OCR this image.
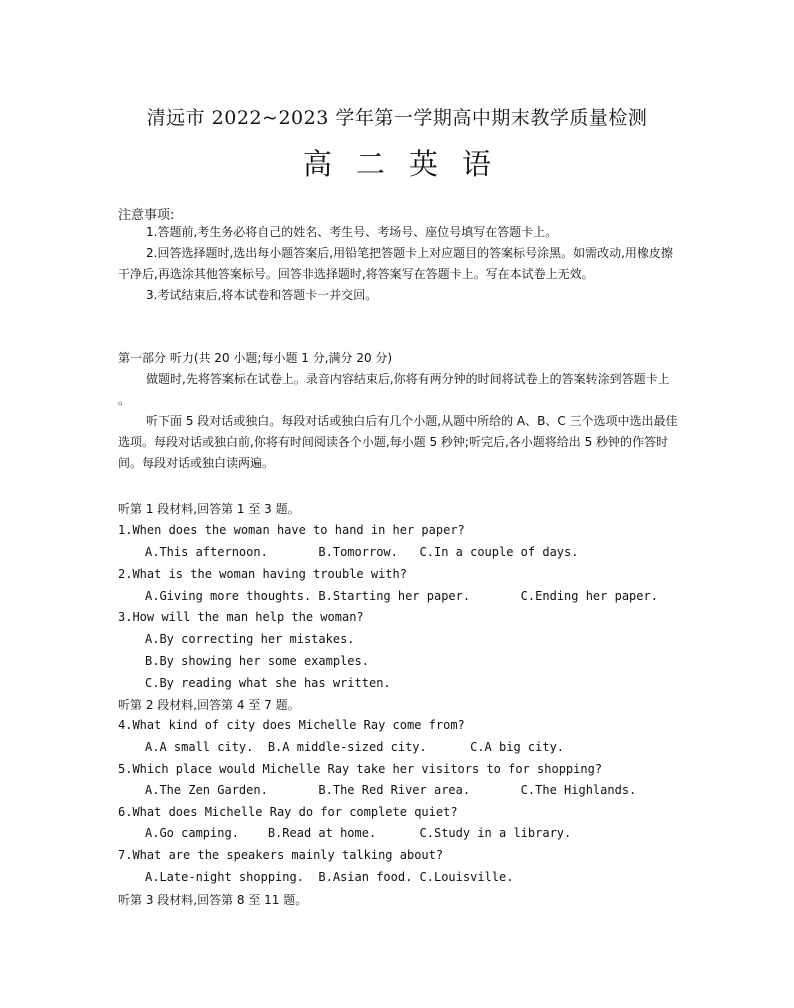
清远市 2022~2023 学年第一学期高中期末教学质量检测
高二英语
注意事项:

1.答题前,考生务必将自己的姓名、考生号、考场号、座位号填写在答题卡上。

2.回答选择题时,选出每小题答案后,用铅笔把答题卡上对应题目的答案标号涂黑。如需改动,用橡皮擦干净后,再选涂其他答案标号。回答非选择题时,将答案写在答题卡上。写在本试卷上无效。

3.考试结束后,将本试卷和答题卡一并交回。

第一部分 听力(共 20 小题;每小题 1 分,满分 20 分)

做题时,先将答案标在试卷上。录音内容结束后,你将有两分钟的时间将试卷上的答案转涂到答题卡上 。

听下面 5 段对话或独白。每段对话或独白后有几个小题,从题中所给的 A、B、C 三个选项中选出最佳选项。每段对话或独白前,你将有时间阅读各个小题,每小题 5 秒钟;听完后,各小题将给出 5 秒钟的作答时间。每段对话或独白读两遍。

听第 1 段材料,回答第 1 至 3 题。
1.When does the woman have to hand in her paper?
A.This afternoon.       B.Tomorrow.   C.In a couple of days.
2.What is the woman having trouble with?
A.Giving more thoughts. B.Starting her paper.       C.Ending her paper.
3.How will the man help the woman?
A.By correcting her mistakes.
B.By showing her some examples.
C.By reading what she has written.
听第 2 段材料,回答第 4 至 7 题。
4.What kind of city does Michelle Ray come from?
A.A small city.  B.A middle-sized city.      C.A big city.
5.Which place would Michelle Ray take her visitors to for shopping?
A.The Zen Garden.       B.The Red River area.       C.The Highlands.
6.What does Michelle Ray do for complete quiet?
A.Go camping.    B.Read at home.      C.Study in a library.
7.What are the speakers mainly talking about?
A.Late-night shopping.  B.Asian food. C.Louisville.
听第 3 段材料,回答第 8 至 11 题。
